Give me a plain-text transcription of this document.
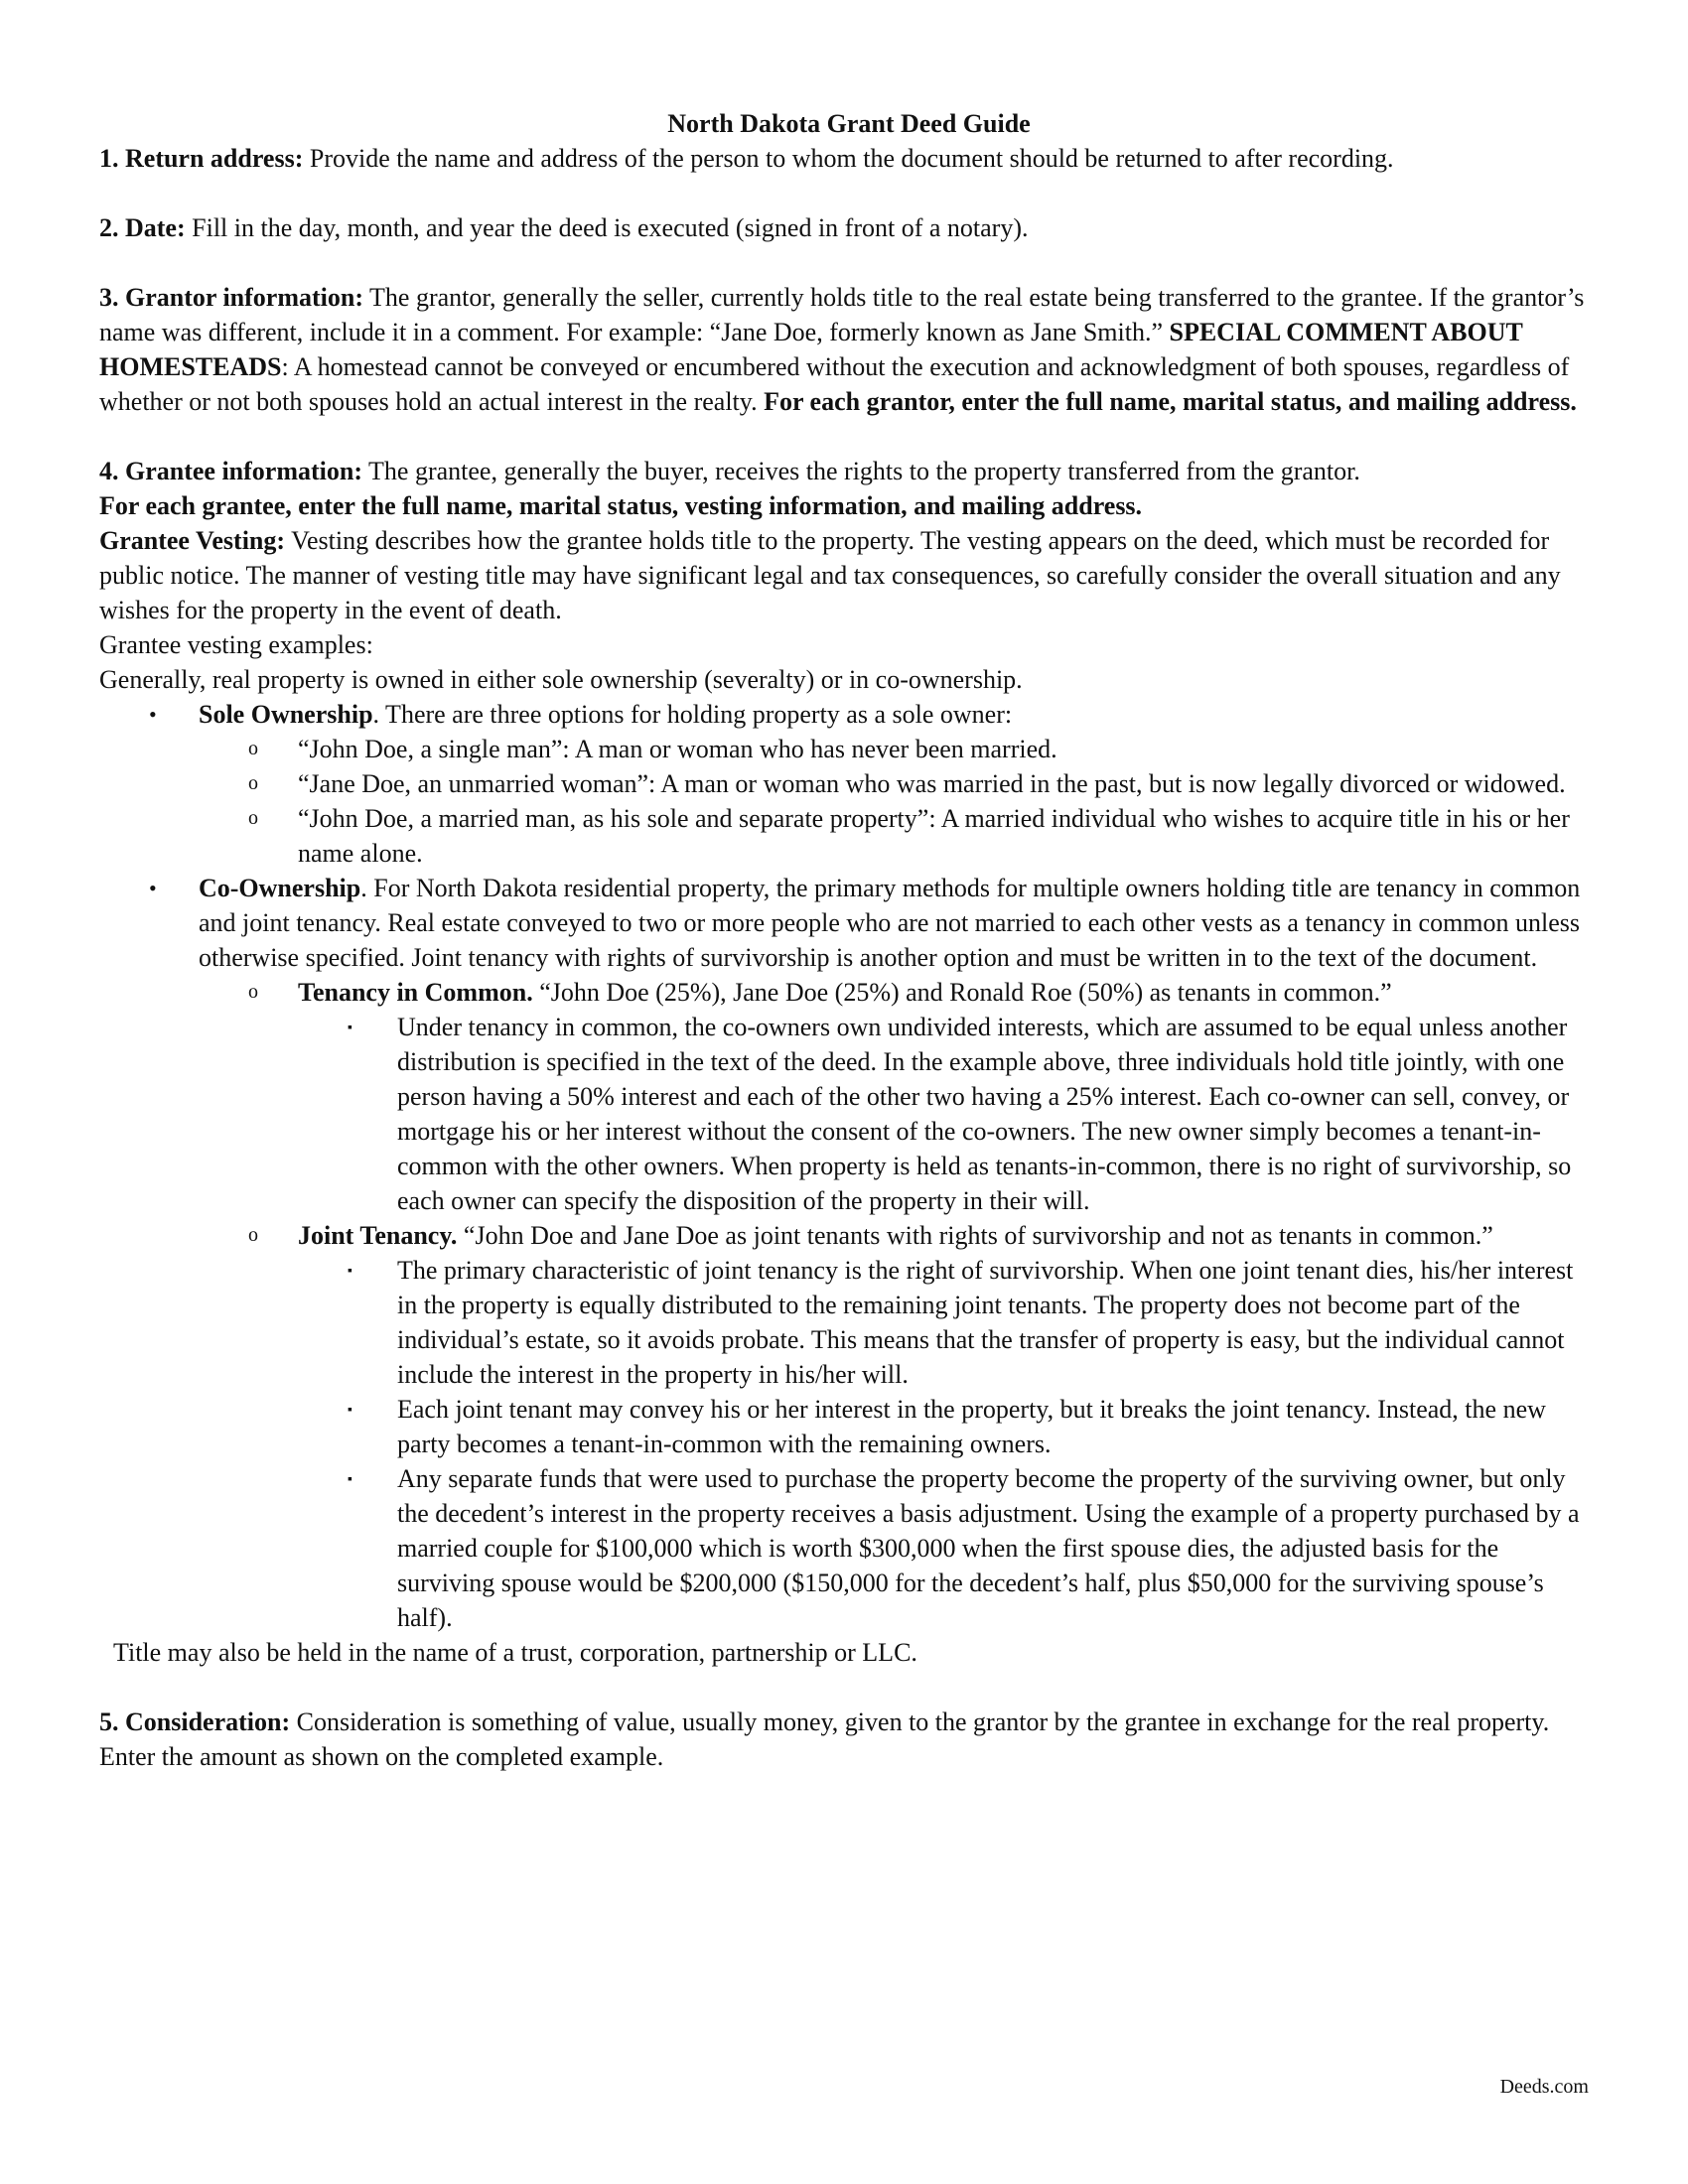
North Dakota Grant Deed Guide

1. Return address: Provide the name and address of the person to whom the document should be returned to after recording.

2. Date: Fill in the day, month, and year the deed is executed (signed in front of a notary).

3. Grantor information: The grantor, generally the seller, currently holds title to the real estate being transferred to the grantee. If the grantor’s name was different, include it in a comment. For example: “Jane Doe, formerly known as Jane Smith.” SPECIAL COMMENT ABOUT HOMESTEADS: A homestead cannot be conveyed or encumbered without the execution and acknowledgment of both spouses, regardless of whether or not both spouses hold an actual interest in the realty. For each grantor, enter the full name, marital status, and mailing address.

4. Grantee information: The grantee, generally the buyer, receives the rights to the property transferred from the grantor.

For each grantee, enter the full name, marital status, vesting information, and mailing address.

Grantee Vesting: Vesting describes how the grantee holds title to the property. The vesting appears on the deed, which must be recorded for public notice. The manner of vesting title may have significant legal and tax consequences, so carefully consider the overall situation and any wishes for the property in the event of death.

Grantee vesting examples:

Generally, real property is owned in either sole ownership (severalty) or in co-ownership.

• Sole Ownership. There are three options for holding property as a sole owner:
o “John Doe, a single man”: A man or woman who has never been married.
o “Jane Doe, an unmarried woman”: A man or woman who was married in the past, but is now legally divorced or widowed.
o “John Doe, a married man, as his sole and separate property”: A married individual who wishes to acquire title in his or her name alone.
• Co-Ownership. For North Dakota residential property, the primary methods for multiple owners holding title are tenancy in common and joint tenancy. Real estate conveyed to two or more people who are not married to each other vests as a tenancy in common unless otherwise specified. Joint tenancy with rights of survivorship is another option and must be written in to the text of the document.
o Tenancy in Common. “John Doe (25%), Jane Doe (25%) and Ronald Roe (50%) as tenants in common.”
▪ Under tenancy in common, the co-owners own undivided interests, which are assumed to be equal unless another distribution is specified in the text of the deed. In the example above, three individuals hold title jointly, with one person having a 50% interest and each of the other two having a 25% interest. Each co-owner can sell, convey, or mortgage his or her interest without the consent of the co-owners. The new owner simply becomes a tenant-in- common with the other owners. When property is held as tenants-in-common, there is no right of survivorship, so each owner can specify the disposition of the property in their will.
o Joint Tenancy. “John Doe and Jane Doe as joint tenants with rights of survivorship and not as tenants in common.”
▪ The primary characteristic of joint tenancy is the right of survivorship. When one joint tenant dies, his/her interest in the property is equally distributed to the remaining joint tenants. The property does not become part of the individual’s estate, so it avoids probate. This means that the transfer of property is easy, but the individual cannot include the interest in the property in his/her will.
▪ Each joint tenant may convey his or her interest in the property, but it breaks the joint tenancy. Instead, the new party becomes a tenant-in-common with the remaining owners.
▪ Any separate funds that were used to purchase the property become the property of the surviving owner, but only the decedent’s interest in the property receives a basis adjustment. Using the example of a property purchased by a married couple for $100,000 which is worth $300,000 when the first spouse dies, the adjusted basis for the surviving spouse would be $200,000 ($150,000 for the decedent’s half, plus $50,000 for the surviving spouse’s half).

Title may also be held in the name of a trust, corporation, partnership or LLC.

5. Consideration: Consideration is something of value, usually money, given to the grantor by the grantee in exchange for the real property. Enter the amount as shown on the completed example.

Deeds.com
